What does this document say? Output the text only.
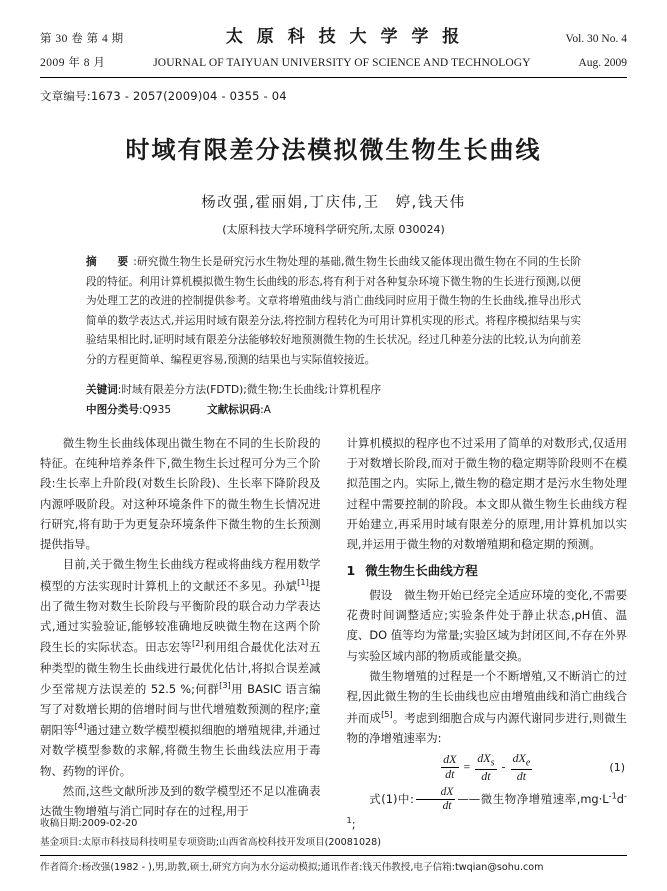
第 30 卷 第 4 期	太 原 科 技 大 学 学 报	Vol. 30 No. 4
2009 年 8 月	JOURNAL OF TAIYUAN UNIVERSITY OF SCIENCE AND TECHNOLOGY	Aug. 2009
文章编号:1673 - 2057(2009)04 - 0355 - 04
时域有限差分法模拟微生物生长曲线
杨改强,霍丽娟,丁庆伟,王　婷,钱天伟
(太原科技大学环境科学研究所,太原 030024)
摘　要:研究微生物生长是研究污水生物处理的基础,微生物生长曲线又能体现出微生物在不同的生长阶段的特征。利用计算机模拟微生物生长曲线的形态,将有利于对各种复杂环境下微生物的生长进行预测,以便为处理工艺的改进的控制提供参考。文章将增殖曲线与消亡曲线同时应用于微生物的生长曲线,推导出形式简单的数学表达式,并运用时域有限差分法,将控制方程转化为可用计算机实现的形式。将程序模拟结果与实验结果相比时,证明时域有限差分法能够较好地预测微生物的生长状况。经过几种差分法的比较,认为向前差分的方程更简单、编程更容易,预测的结果也与实际值较接近。
关键词:时域有限差分方法(FDTD);微生物;生长曲线;计算机程序
中图分类号:Q935	文献标识码:A

微生物生长曲线体现出微生物在不同的生长阶段的特征。在纯种培养条件下,微生物生长过程可分为三个阶段:生长率上升阶段(对数生长阶段)、生长率下降阶段及内源呼吸阶段。对这种环境条件下的微生物生长情况进行研究,将有助于为更复杂环境条件下微生物的生长预测提供指导。

目前,关于微生物生长曲线方程或将曲线方程用数学模型的方法实现时计算机上的文献还不多见。孙斌[1]提出了微生物对数生长阶段与平衡阶段的联合动力学表达式,通过实验验证,能够较准确地反映微生物在这两个阶段生长的实际状态。田志宏等[2]利用组合最优化法对五种类型的微生物生长曲线进行最优化估计,将拟合误差减少至常规方法误差的 52.5 %;何群[3]用 BASIC 语言编写了对数增长期的倍增时间与世代增殖数预测的程序;童朝阳等[4]通过建立数学模型模拟细胞的增殖规律,并通过对数学模型参数的求解,将微生物生长曲线法应用于毒物、药物的评价。

然而,这些文献所涉及到的数学模型还不足以准确表达微生物增殖与消亡同时存在的过程,用于

计算机模拟的程序也不过采用了简单的对数形式,仅适用于对数增长阶段,而对于微生物的稳定期等阶段则不在模拟范围之内。实际上,微生物的稳定期才是污水生物处理过程中需要控制的阶段。本文即从微生物生长曲线方程开始建立,再采用时域有限差分的原理,用计算机加以实现,并运用于微生物的对数增殖期和稳定期的预测。

1 微生物生长曲线方程

假设　微生物开始已经完全适应环境的变化,不需要花费时间调整适应;实验条件处于静止状态,pH值、温度、DO 值等均为常量;实验区域为封闭区间,不存在外界与实验区域内部的物质或能量交换。

微生物增殖的过程是一个不断增殖,又不断消亡的过程,因此微生物的生长曲线也应由增殖曲线和消亡曲线合并而成[5]。考虑到细胞合成与内源代谢同步进行,则微生物的净增殖速率为:

$\frac{dX}{dt} = \frac{dX_s}{dt} - \frac{dX_e}{dt}$	(1)

式(1)中: $\frac{dX}{dt}$ ——微生物净增殖速率$,mg\cdot L^{-1}d^{-1}$;

收稿日期:2009-02-20
基金项目:太原市科技局科技明星专项资助;山西省高校科技开发项目(20081028)
作者简介:杨改强(1982 - ),男,助教,硕士,研究方向为水分运动模拟;通讯作者:钱天伟教授,电子信箱:twqian@sohu.com
